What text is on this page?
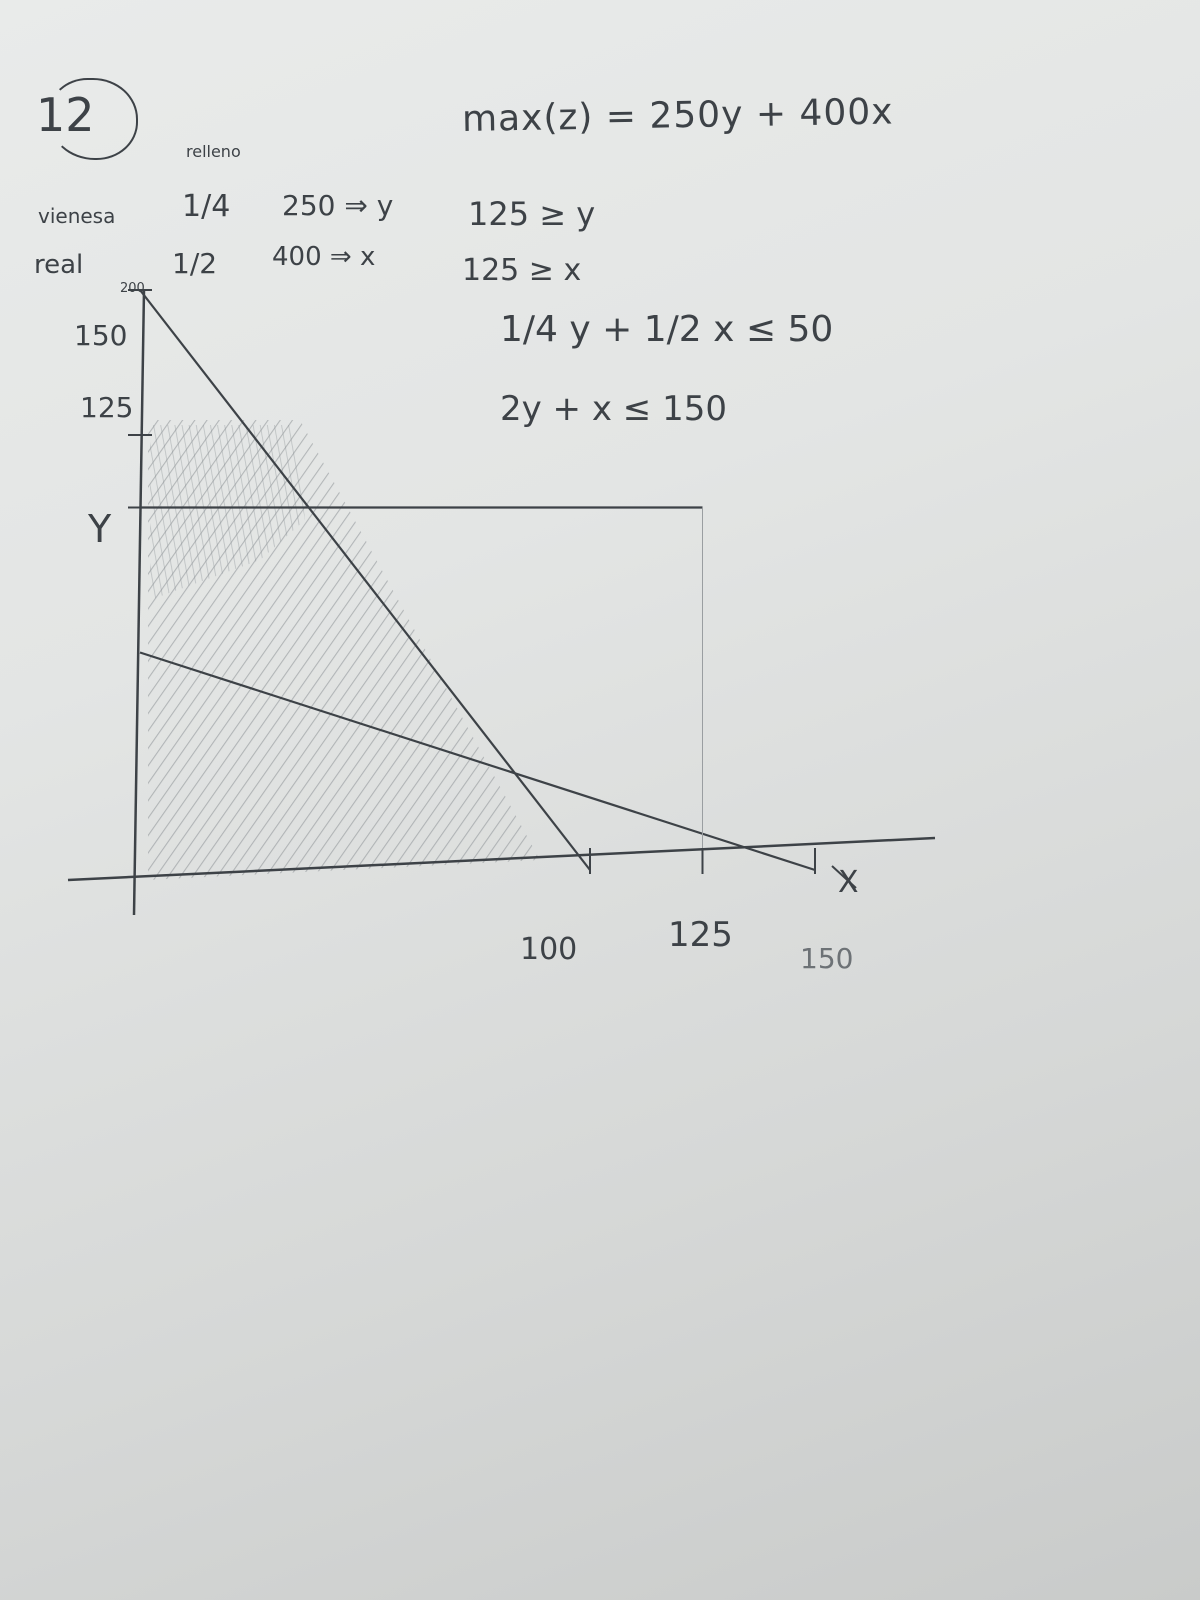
12	max(z) = 250y + 400x
relleno
vienesa 1/4 250 ⇒ y
real	1/2 400 ⇒ x
125 ≥ y
125 ≥ x
1/4 y + 1/2 x ≤ 50
2y + x ≤ 150
Y
X
100	125
150
200
150
125
